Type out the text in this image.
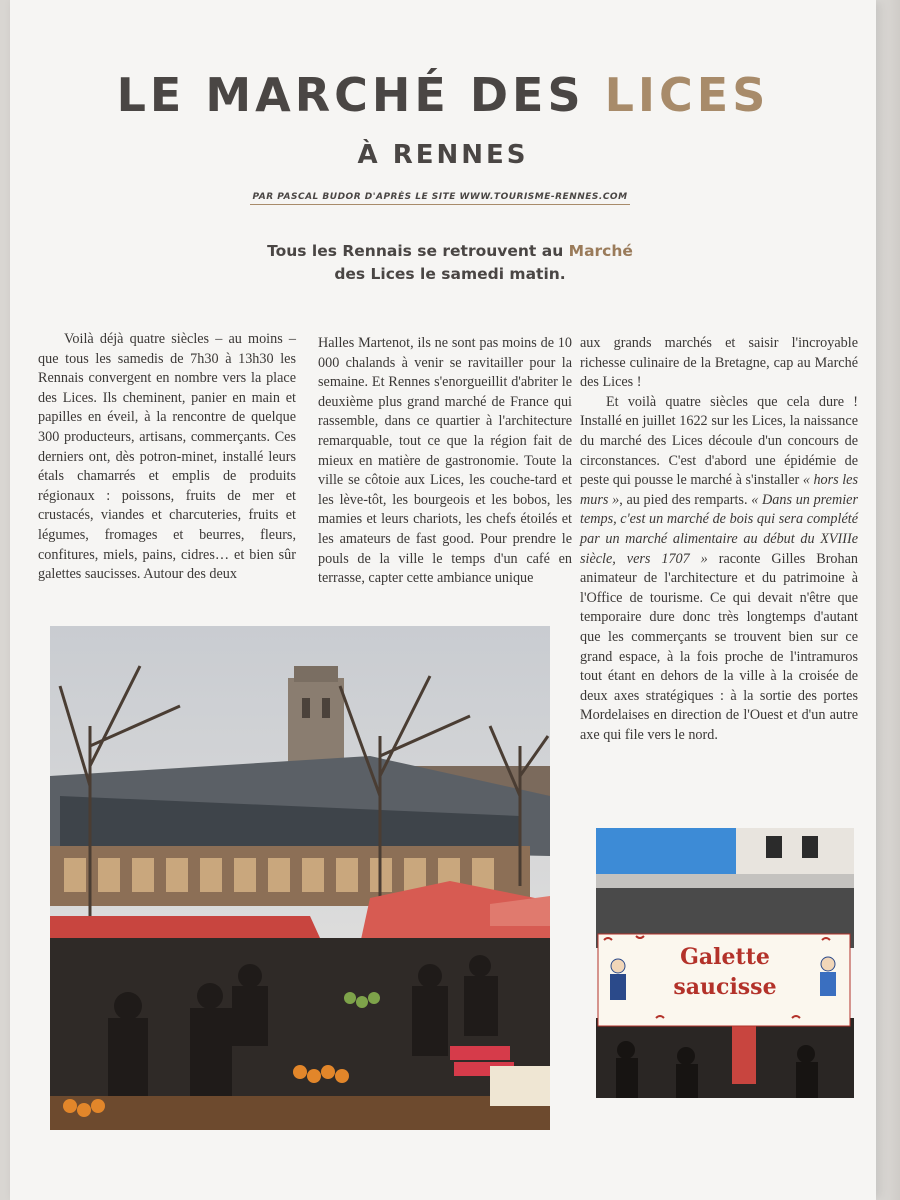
LE MARCHÉ DES LICES
À RENNES
PAR PASCAL BUDOR D'APRÈS LE SITE WWW.TOURISME-RENNES.COM
Tous les Rennais se retrouvent au Marché
des Lices le samedi matin.

Voilà déjà quatre siècles – au moins – que tous les samedis de 7h30 à 13h30 les Rennais convergent en nombre vers la place des Lices. Ils cheminent, panier en main et papilles en éveil, à la rencontre de quelque 300 producteurs, artisans, commerçants. Ces derniers ont, dès potron-minet, installé leurs étals chamarrés et emplis de produits régionaux : poissons, fruits de mer et crustacés, viandes et charcuteries, fruits et légumes, fromages et beurres, fleurs, confitures, miels, pains, cidres… et bien sûr galettes saucisses. Autour des deux

Halles Martenot, ils ne sont pas moins de 10 000 chalands à venir se ravitailler pour la semaine. Et Rennes s'enorgueillit d'abriter le deuxième plus grand marché de France qui rassemble, dans ce quartier à l'architecture remarquable, tout ce que la région fait de mieux en matière de gastronomie. Toute la ville se côtoie aux Lices, les couche-tard et les lève-tôt, les bourgeois et les bobos, les mamies et leurs chariots, les chefs étoilés et les amateurs de fast good. Pour prendre le pouls de la ville le temps d'un café en terrasse, capter cette ambiance unique

aux grands marchés et saisir l'incroyable richesse culinaire de la Bretagne, cap au Marché des Lices !

Et voilà quatre siècles que cela dure ! Installé en juillet 1622 sur les Lices, la naissance du marché des Lices découle d'un concours de circonstances. C'est d'abord une épidémie de peste qui pousse le marché à s'installer « hors les murs », au pied des remparts. « Dans un premier temps, c'est un marché de bois qui sera complété par un marché alimentaire au début du XVIIIe siècle, vers 1707 » raconte Gilles Brohan animateur de l'architecture et du patrimoine à l'Office de tourisme. Ce qui devait n'être que temporaire dure donc très longtemps d'autant que les commerçants se trouvent bien sur ce grand espace, à la fois proche de l'intramuros tout étant en dehors de la ville à la croisée de deux axes stratégiques : à la sortie des portes Mordelaises en direction de l'Ouest et d'un autre axe qui file vers le nord.

Galette
saucisse
